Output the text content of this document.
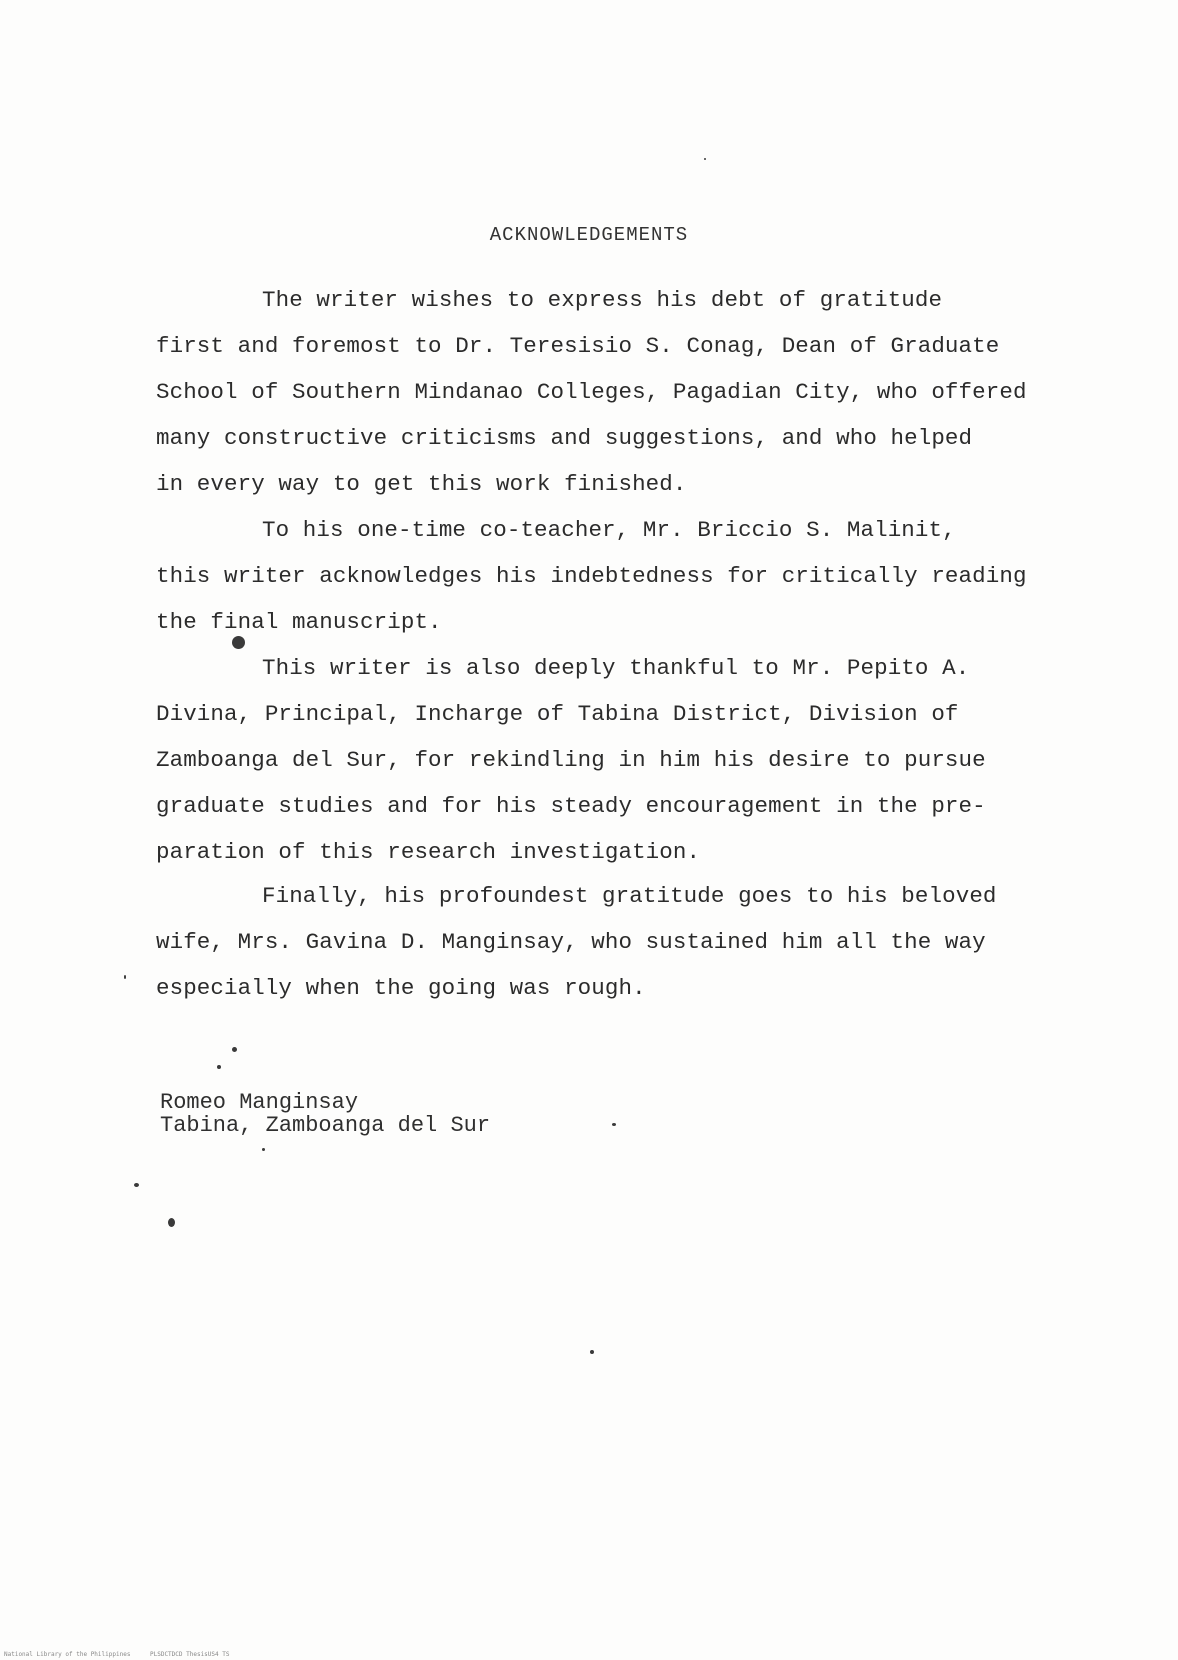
ACKNOWLEDGEMENTS
The writer wishes to express his debt of gratitude
first and foremost to Dr. Teresisio S. Conag, Dean of Graduate
School of Southern Mindanao Colleges, Pagadian City, who offered
many constructive criticisms and suggestions, and who helped
in every way to get this work finished.
To his one-time co-teacher, Mr. Briccio S. Malinit,
this writer acknowledges his indebtedness for critically reading
the final manuscript.
This writer is also deeply thankful to Mr. Pepito A.
Divina, Principal, Incharge of Tabina District, Division of
Zamboanga del Sur, for rekindling in him his desire to pursue
graduate studies and for his steady encouragement in the pre-
paration of this research investigation.
Finally, his profoundest gratitude goes to his beloved
wife, Mrs. Gavina D. Manginsay, who sustained him all the way
especially when the going was rough.
Romeo Manginsay
Tabina, Zamboanga del Sur
National Library of the Philippines	PLSDCTDCD ThesisUS4 TS
